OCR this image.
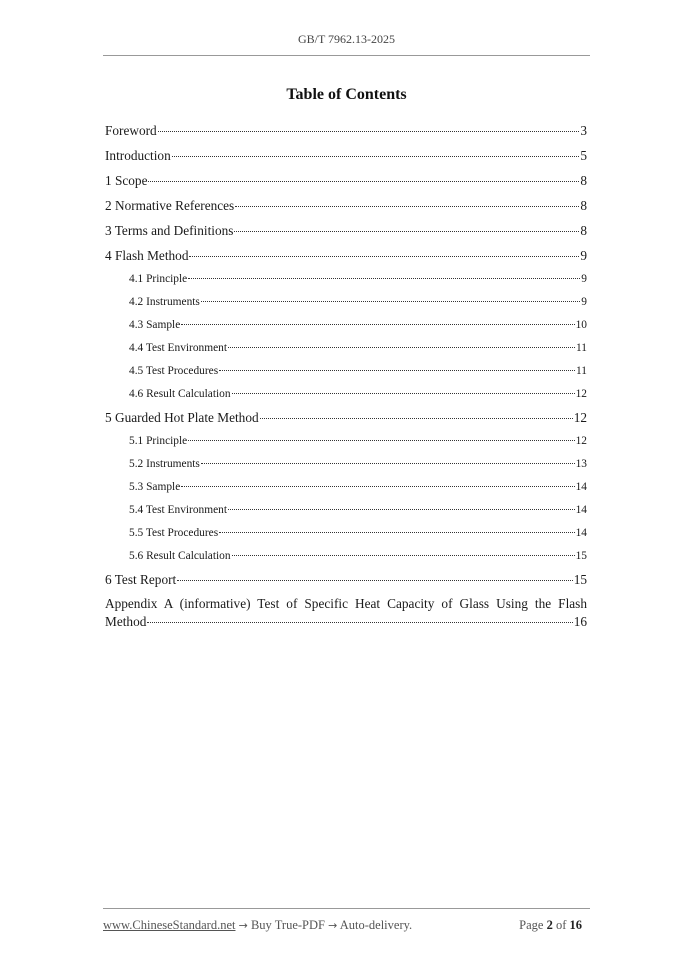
GB/T 7962.13-2025
Table of Contents
Foreword	3
Introduction	5
1 Scope	8
2 Normative References	8
3 Terms and Definitions	8
4 Flash Method	9
4.1 Principle	9
4.2 Instruments	9
4.3 Sample	10
4.4 Test Environment	11
4.5 Test Procedures	11
4.6 Result Calculation	12
5 Guarded Hot Plate Method	12
5.1 Principle	12
5.2 Instruments	13
5.3 Sample	14
5.4 Test Environment	14
5.5 Test Procedures	14
5.6 Result Calculation	15
6 Test Report	15
Appendix A (informative) Test of Specific Heat Capacity of Glass Using the Flash
Method	16
www.ChineseStandard.net → Buy True-PDF → Auto-delivery.	Page 2 of 16
